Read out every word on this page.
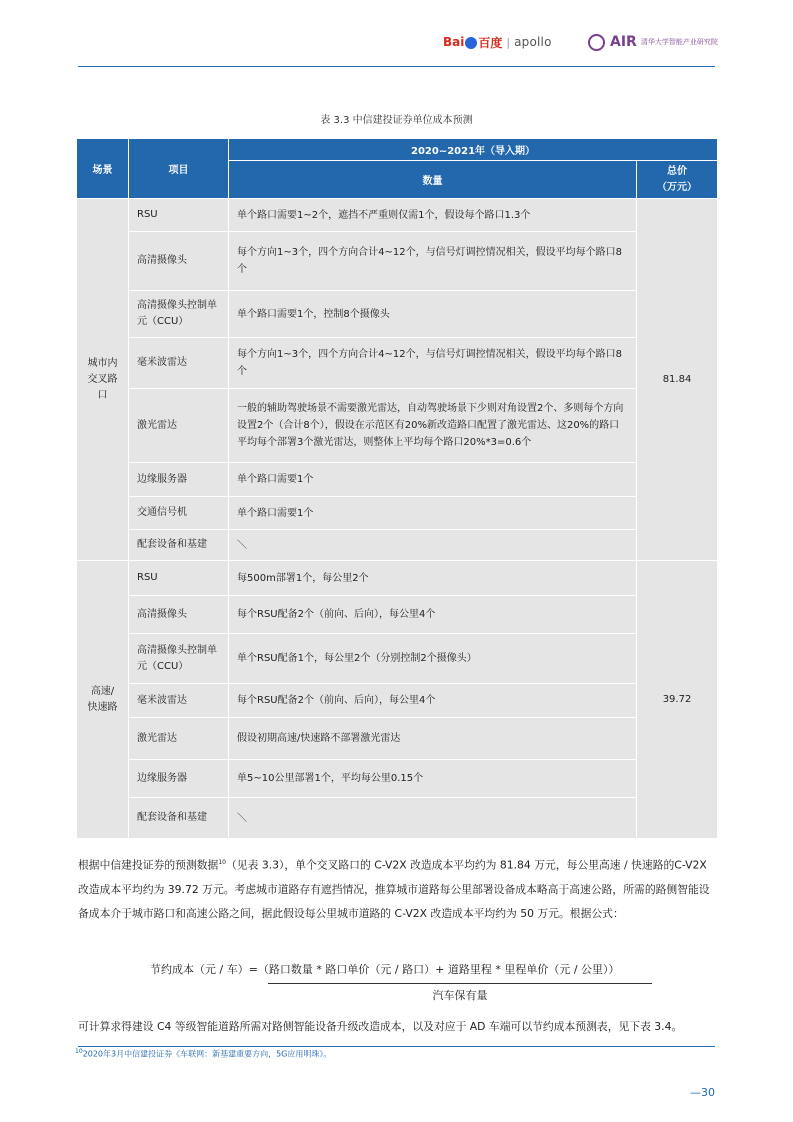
Bai 百度 | apollo	AIR 清华大学智能产业研究院
表 3.3 中信建投证券单位成本预测
场景	项目	2020~2021年（导入期）	
		数量	总价
（万元）
城市内
交叉路口	RSU	单个路口需要1~2个，遮挡不严重则仅需1个，假设每个路口1.3个	81.84
	高清摄像头	每个方向1~3个，四个方向合计4~12个，与信号灯调控情况相关，假设平均每个路口8个	
	高清摄像头控制单元（CCU）	单个路口需要1个，控制8个摄像头	
	毫米波雷达	每个方向1~3个，四个方向合计4~12个，与信号灯调控情况相关，假设平均每个路口8个	
	激光雷达	一般的辅助驾驶场景不需要激光雷达，自动驾驶场景下少则对角设置2个、多则每个方向设置2个（合计8个），假设在示范区有20%新改造路口配置了激光雷达、这20%的路口平均每个部署3个激光雷达，则整体上平均每个路口20%*3=0.6个	
	边缘服务器	单个路口需要1个	
	交通信号机	单个路口需要1个	
	配套设备和基建	＼	
高速/
快速路	RSU	每500m部署1个，每公里2个	39.72
	高清摄像头	每个RSU配备2个（前向、后向），每公里4个	
	高清摄像头控制单元（CCU）	单个RSU配备1个，每公里2个（分别控制2个摄像头）	
	毫米波雷达	每个RSU配备2个（前向、后向），每公里4个	
	激光雷达	假设初期高速/快速路不部署激光雷达	
	边缘服务器	单5~10公里部署1个，平均每公里0.15个	
	配套设备和基建	＼	
根据中信建投证券的预测数据$^{10}$（见表 3.3），单个交叉路口的 C-V2X 改造成本平均约为 81.84 万元，每公里高速 / 快速路的C-V2X 改造成本平均约为 39.72 万元。考虑城市道路存有遮挡情况，推算城市道路每公里部署设备成本略高于高速公路，所需的路侧智能设备成本介于城市路口和高速公路之间，据此假设每公里城市道路的 C-V2X 改造成本平均约为 50 万元。根据公式：
节约成本（元 / 车）=（路口数量 * 路口单价（元 / 路口）+ 道路里程 * 里程单价（元 / 公里））
汽车保有量
可计算求得建设 C4 等级智能道路所需对路侧智能设备升级改造成本，以及对应于 AD 车端可以节约成本预测表，见下表 3.4。
$^{10}$2020年3月中信建投证券《车联网：新基建重要方向，5G应用明珠》。
—30
